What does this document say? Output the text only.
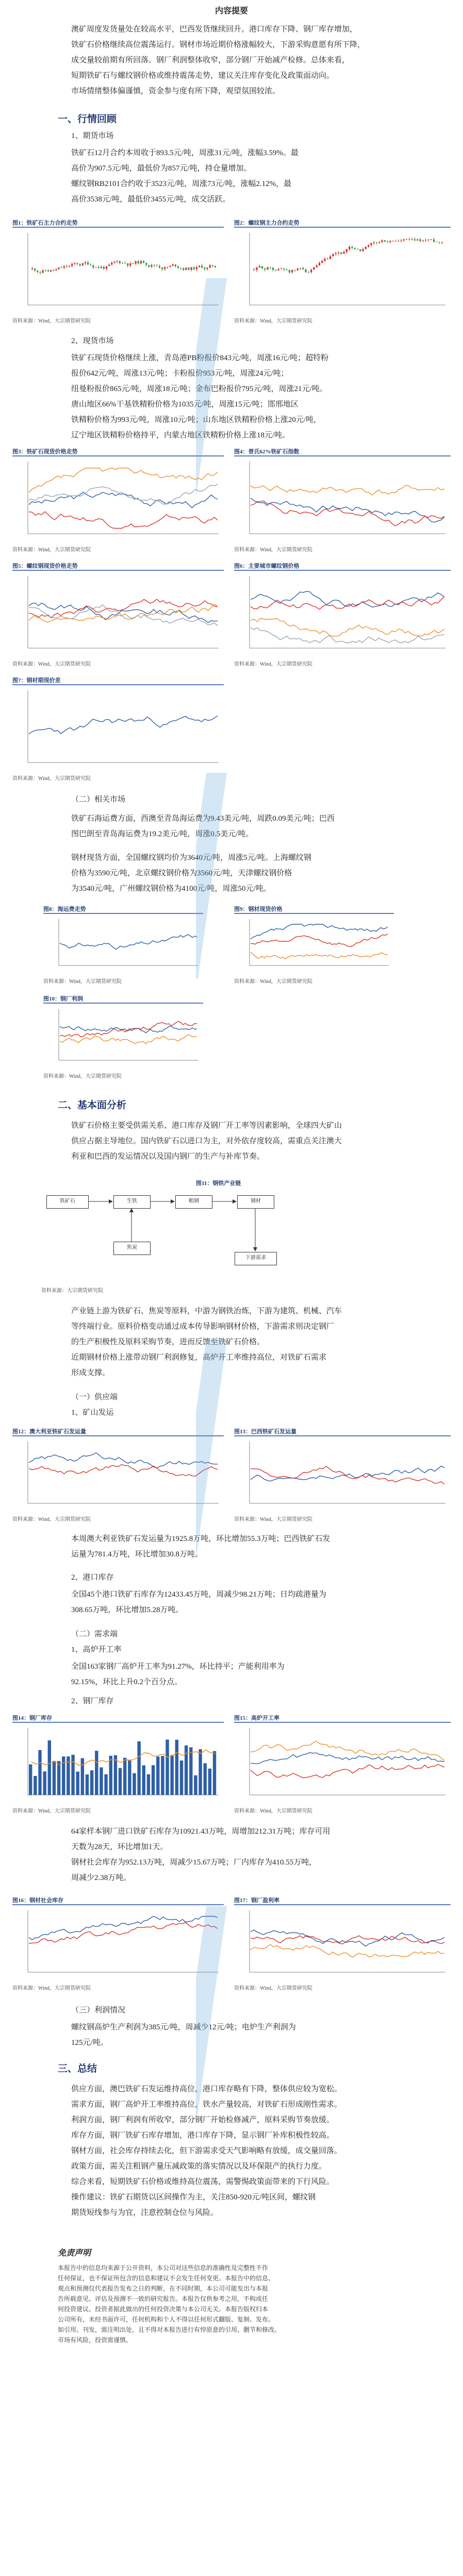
内容提要
澳矿周度发货量处在较高水平，巴西发货继续回升。港口库存下降、钢厂库存增加，
铁矿石价格继续高位震荡运行。钢材市场近期价格涨幅较大，下游采购意愿有所下降，
成交量较前期有所回落。钢厂利润整体收窄，部分钢厂开始减产检修。总体来看，
短期铁矿石与螺纹钢价格或维持震荡走势，建议关注库存变化及政策面动向。
市场情绪整体偏谨慎，资金参与度有所下降，观望氛围较浓。
一、行情回顾
1、期货市场
铁矿石12月合约本周收于893.5元/吨，周涨31元/吨，涨幅3.59%。最
高价为907.5元/吨，最低价为857元/吨，持仓量增加。
螺纹钢RB2101合约收于3523元/吨，周涨73元/吨，涨幅2.12%，最
高价3538元/吨，最低价3455元/吨，成交活跃。
图1：铁矿石主力合约走势	图2：螺纹钢主力合约走势
资料来源：Wind，大宗期货研究院	资料来源：Wind，大宗期货研究院
2、现货市场
铁矿石现货价格继续上涨，青岛港PB粉报价843元/吨，周涨16元/吨；超特粉
报价642元/吨，周涨13元/吨；卡粉报价953元/吨，周涨24元/吨；
纽曼粉报价865元/吨，周涨18元/吨；金布巴粉报价795元/吨，周涨21元/吨。
唐山地区66%干基铁精粉价格为1035元/吨，周涨15元/吨；邯邢地区
铁精粉价格为993元/吨，周涨10元/吨；山东地区铁精粉价格上涨20元/吨，
辽宁地区铁精粉价格持平，内蒙古地区铁精粉价格上涨18元/吨。
图3：铁矿石现货价格走势	图4：普氏62%铁矿石指数
资料来源：Wind，大宗期货研究院	资料来源：Wind，大宗期货研究院
图5：螺纹钢现货价格走势	图6：主要城市螺纹钢价格
资料来源：Wind，大宗期货研究院	资料来源：Wind，大宗期货研究院
图7：钢材期现价差
资料来源：Wind，大宗期货研究院
（二）相关市场
铁矿石海运费方面，西澳至青岛海运费为9.43美元/吨，周跌0.09美元/吨；巴西
图巴朗至青岛海运费为19.2美元/吨，周涨0.5美元/吨。
钢材现货方面，全国螺纹钢均价为3640元/吨，周涨5元/吨。上海螺纹钢
价格为3590元/吨，北京螺纹钢价格为3560元/吨，天津螺纹钢价格
为3540元/吨，广州螺纹钢价格为4100元/吨，周涨50元/吨。
图8：海运费走势	图9：钢材现货价格
资料来源：Wind，大宗期货研究院	资料来源：Wind，大宗期货研究院
图10：钢厂利润
资料来源：Wind，大宗期货研究院
二、基本面分析
铁矿石价格主要受供需关系、港口库存及钢厂开工率等因素影响，全球四大矿山
供应占据主导地位。国内铁矿石以进口为主，对外依存度较高，需重点关注澳大
利亚和巴西的发运情况以及国内钢厂的生产与补库节奏。
图11：钢铁产业链
铁矿石	生铁	粗钢	钢材
焦炭
下游需求
资料来源：大宗期货研究院
产业链上游为铁矿石、焦炭等原料，中游为钢铁冶炼，下游为建筑、机械、汽车
等终端行业。原料价格变动通过成本传导影响钢材价格，下游需求则决定钢厂
的生产积极性及原料采购节奏，进而反馈至铁矿石价格。
近期钢材价格上涨带动钢厂利润修复，高炉开工率维持高位，对铁矿石需求
形成支撑。
（一）供应端
1、矿山发运
图12：澳大利亚铁矿石发运量	图13：巴西铁矿石发运量
资料来源：Wind，大宗期货研究院	资料来源：Wind，大宗期货研究院
本周澳大利亚铁矿石发运量为1925.8万吨，环比增加55.3万吨；巴西铁矿石发
运量为781.4万吨，环比增加30.8万吨。
2、港口库存
全国45个港口铁矿石库存为12433.45万吨，周减少98.21万吨；日均疏港量为
308.65万吨，环比增加5.28万吨。
（二）需求端
1、高炉开工率
全国163家钢厂高炉开工率为91.27%，环比持平；产能利用率为
92.15%，环比上升0.2个百分点。
2、钢厂库存
图14：钢厂库存	图15：高炉开工率
资料来源：Wind，大宗期货研究院	资料来源：Wind，大宗期货研究院
64家样本钢厂进口铁矿石库存为10921.43万吨，周增加212.31万吨；库存可用
天数为28天，环比增加1天。
钢材社会库存为952.13万吨，周减少15.67万吨；厂内库存为410.55万吨，
周减少2.38万吨。
图16：钢材社会库存	图17：钢厂盈利率
资料来源：Wind，大宗期货研究院	资料来源：Wind，大宗期货研究院
（三）利润情况
螺纹钢高炉生产利润为385元/吨，周减少12元/吨；电炉生产利润为
125元/吨。
三、总结
供应方面，澳巴铁矿石发运维持高位，港口库存略有下降，整体供应较为宽松。
需求方面，钢厂高炉开工率维持高位，铁水产量较高，对铁矿石形成刚性需求。
利润方面，钢厂利润有所收窄，部分钢厂开始检修减产，原料采购节奏放缓。
库存方面，钢厂铁矿石库存增加，港口库存下降，显示钢厂补库积极性较高。
钢材方面，社会库存持续去化，但下游需求受天气影响略有放缓，成交量回落。
政策方面，需关注粗钢产量压减政策的落实情况以及环保限产的执行力度。
综合来看，短期铁矿石价格或维持高位震荡，需警惕政策面带来的下行风险。
操作建议：铁矿石期货以区间操作为主，关注850-920元/吨区间，螺纹钢
期货短线参与为宜，注意控制仓位与风险。
免责声明
本报告中的信息均来源于公开资料，本公司对这些信息的准确性及完整性不作
任何保证，也不保证所包含的信息和建议不会发生任何变更。本报告中的信息、
观点和预测仅代表报告发布之日的判断，在不同时期，本公司可能发出与本报
告所载意见、评估及预测不一致的研究报告。本报告仅供参考之用，不构成任
何投资建议。投资者据此做出的任何投资决策与本公司无关。本报告版权归本
公司所有，未经书面许可，任何机构和个人不得以任何形式翻版、复制、发布。
如引用、刊发，需注明出处，且不得对本报告进行有悖原意的引用、删节和修改。
市场有风险，投资需谨慎。
